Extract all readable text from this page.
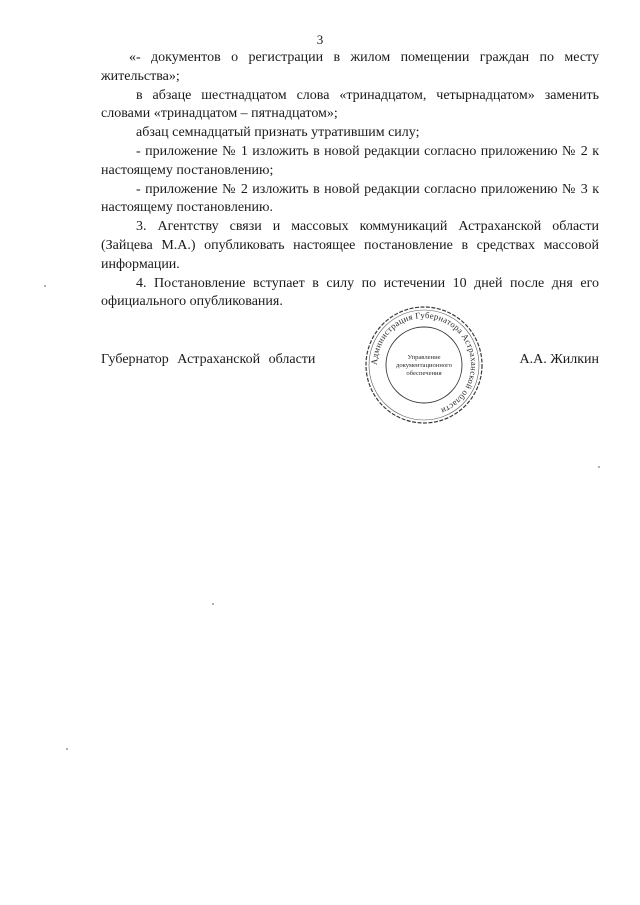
3

«- документов о регистрации в жилом помещении граждан по месту жительства»;

в абзаце шестнадцатом слова «тринадцатом, четырнадцатом» заменить словами «тринадцатом – пятнадцатом»;

абзац семнадцатый признать утратившим силу;

- приложение № 1 изложить в новой редакции согласно приложению № 2 к настоящему постановлению;

- приложение № 2 изложить в новой редакции согласно приложению № 3 к настоящему постановлению.

3. Агентству связи и массовых коммуникаций Астраханской области (Зайцева М.А.) опубликовать настоящее постановление в средствах массовой информации.

4. Постановление вступает в силу по истечении 10 дней после дня его официального опубликования.

Губернатор Астраханской области	А.А. Жилкин
Администрация Губернатора Астраханской области
Управление
документационного
обеспечения
